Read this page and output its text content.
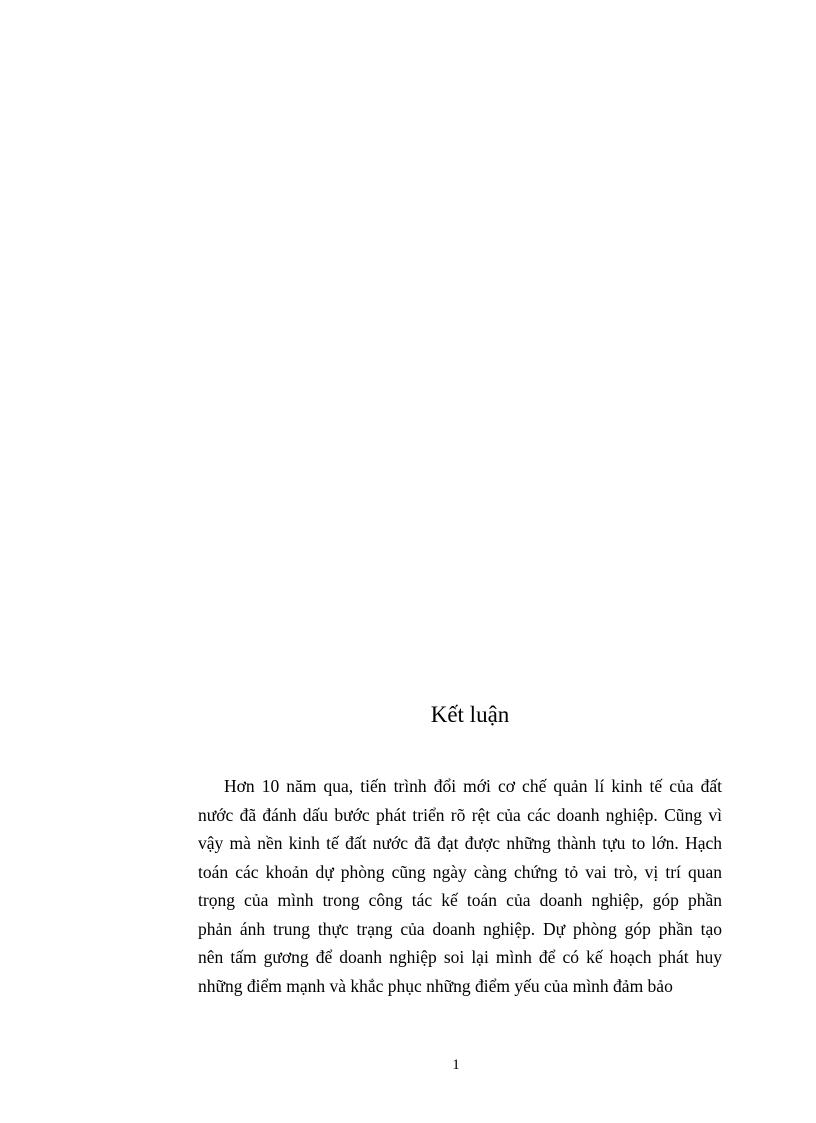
Kết luận
Hơn 10 năm qua, tiến trình đổi mới cơ chế quản lí kinh tế của đất
nước đã đánh dấu bước phát triển rõ rệt của các doanh nghiệp. Cũng vì
vậy mà nền kinh tế đất nước đã đạt được những thành tựu to lớn. Hạch
toán các khoản dự phòng cũng ngày càng chứng tỏ vai trò, vị trí quan
trọng của mình trong công tác kế toán của doanh nghiệp, góp phần
phản ánh trung thực trạng của doanh nghiệp. Dự phòng góp phần tạo
nên tấm gương để doanh nghiệp soi lại mình để có kế hoạch phát huy
những điểm mạnh và khắc phục những điểm yếu của mình đảm bảo
1
